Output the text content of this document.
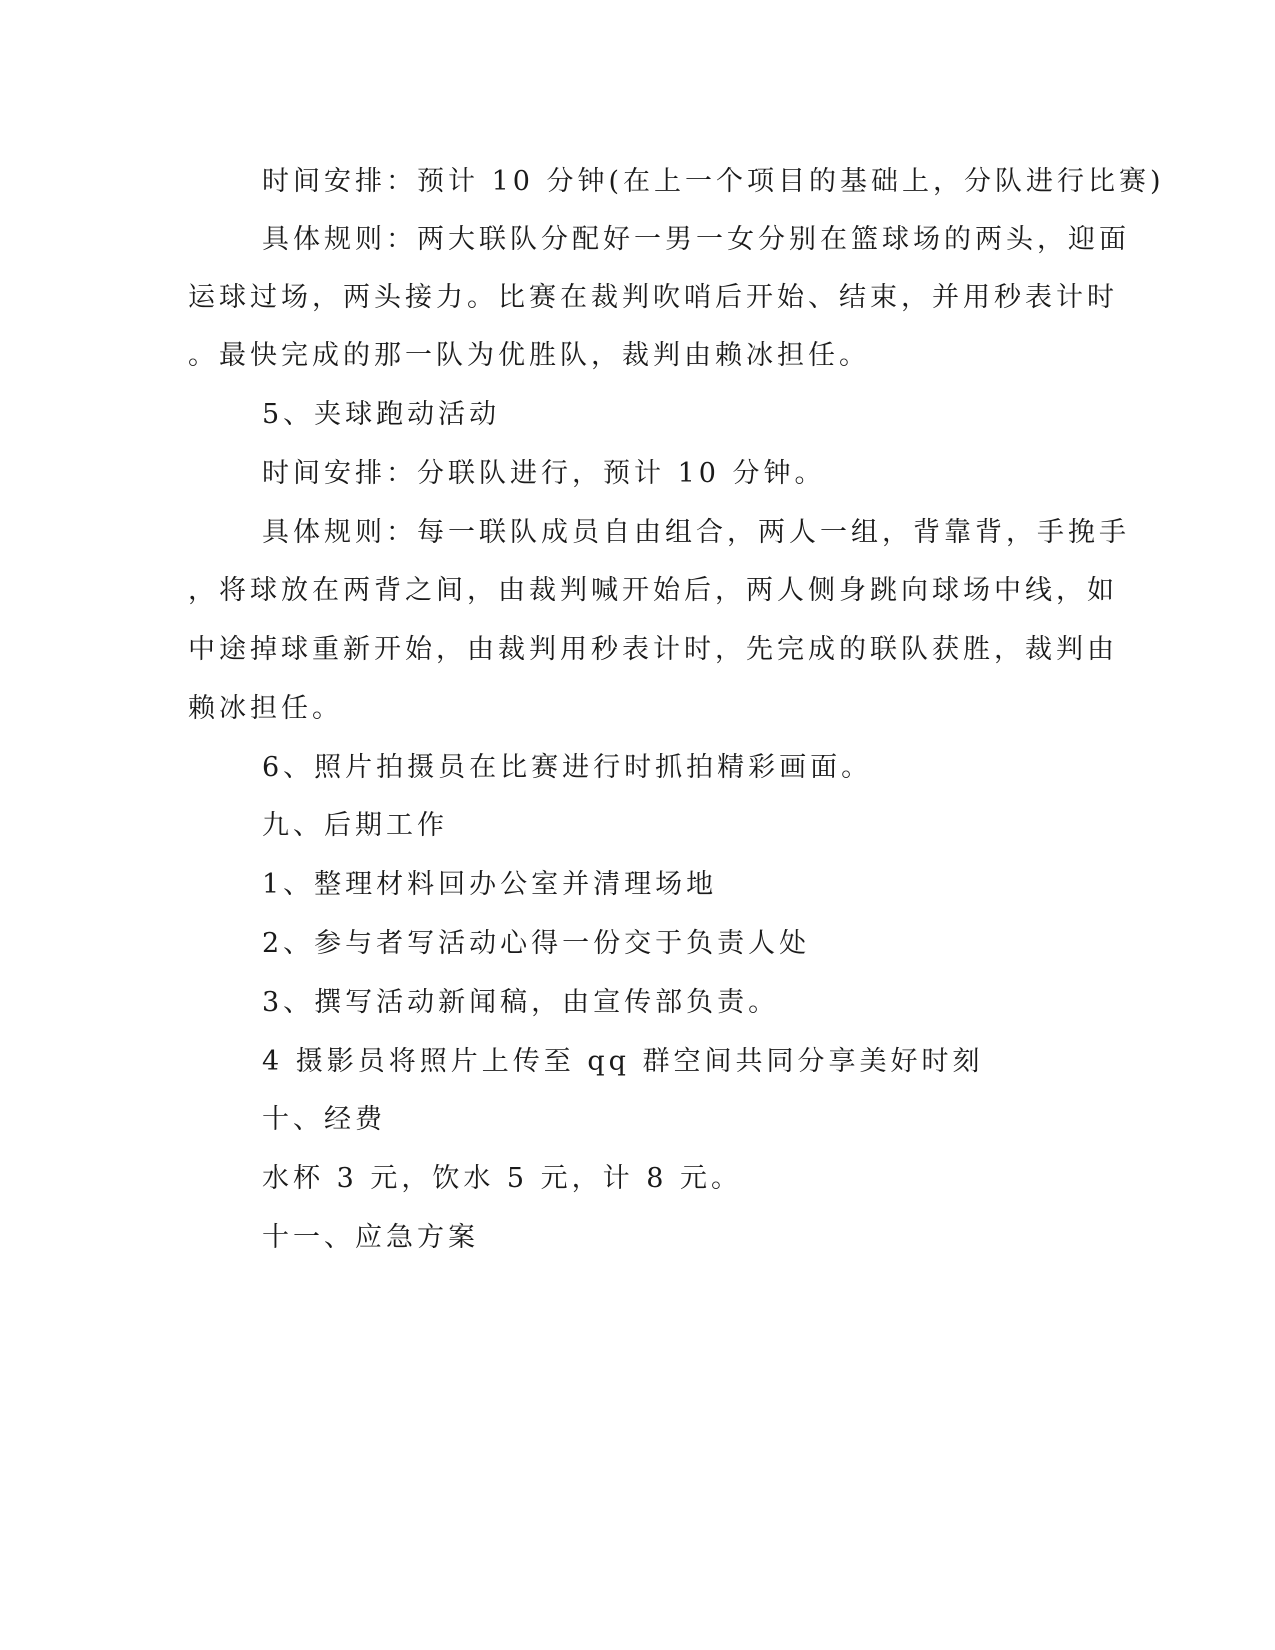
时间安排：预计 10 分钟(在上一个项目的基础上，分队进行比赛)
具体规则：两大联队分配好一男一女分别在篮球场的两头，迎面
运球过场，两头接力。比赛在裁判吹哨后开始、结束，并用秒表计时
。最快完成的那一队为优胜队，裁判由赖冰担任。
5、夹球跑动活动
时间安排：分联队进行，预计 10 分钟。
具体规则：每一联队成员自由组合，两人一组，背靠背，手挽手
，将球放在两背之间，由裁判喊开始后，两人侧身跳向球场中线，如
中途掉球重新开始，由裁判用秒表计时，先完成的联队获胜，裁判由
赖冰担任。
6、照片拍摄员在比赛进行时抓拍精彩画面。
九、后期工作
1、整理材料回办公室并清理场地
2、参与者写活动心得一份交于负责人处
3、撰写活动新闻稿，由宣传部负责。
4 摄影员将照片上传至 qq 群空间共同分享美好时刻
十、经费
水杯 3 元，饮水 5 元，计 8 元。
十一、应急方案
